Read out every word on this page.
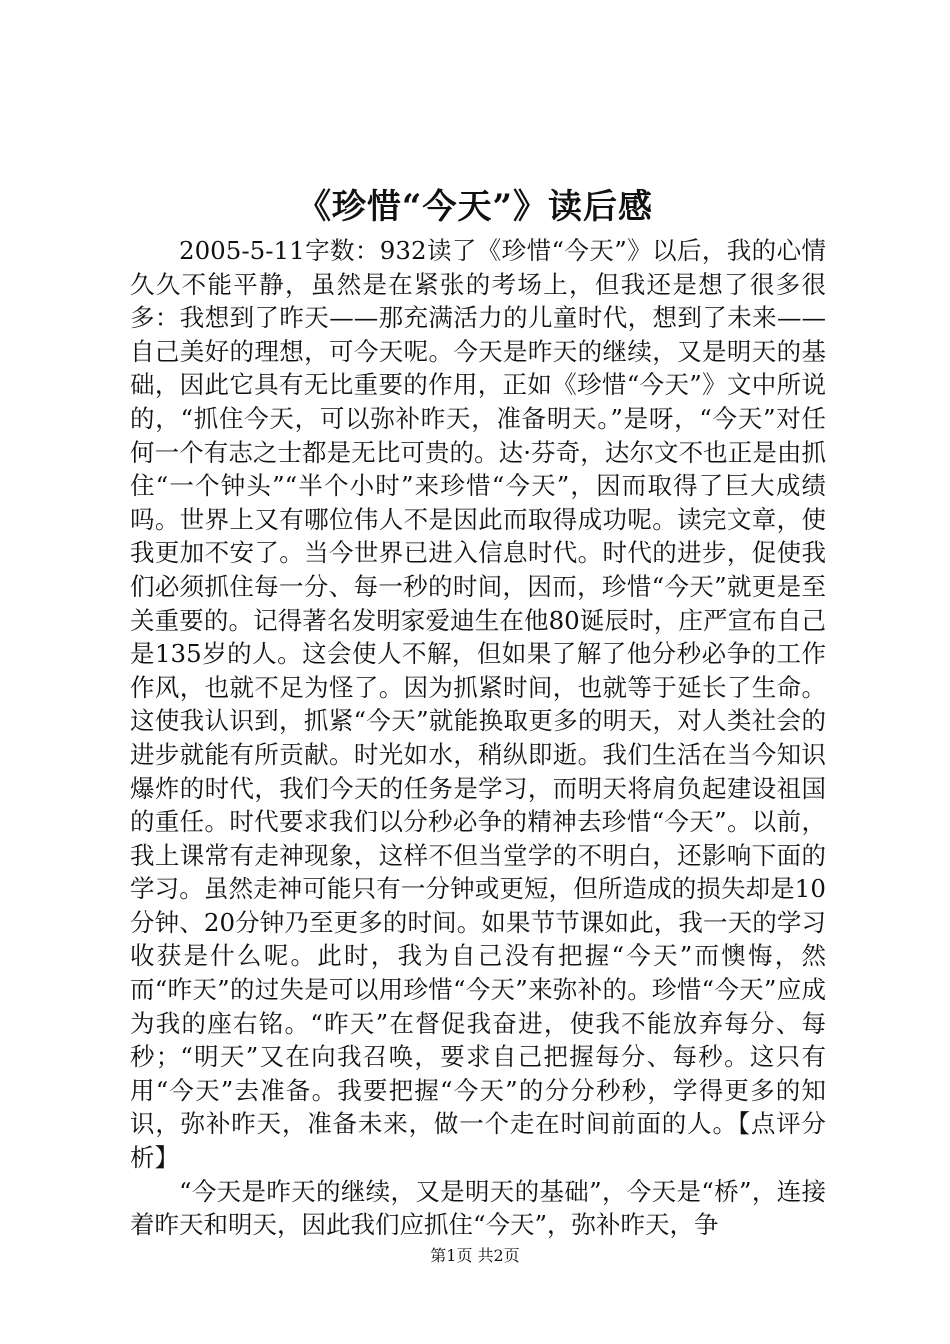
《珍惜“今天”》读后感

2005-5-11字数：932读了《珍惜“今天”》以后，我的心情久久不能平静，虽然是在紧张的考场上，但我还是想了很多很多：我想到了昨天——那充满活力的儿童时代，想到了未来——自己美好的理想，可今天呢。今天是昨天的继续，又是明天的基础，因此它具有无比重要的作用，正如《珍惜“今天”》文中所说的，“抓住今天，可以弥补昨天，准备明天。”是呀，“今天”对任何一个有志之士都是无比可贵的。达·芬奇，达尔文不也正是由抓住“一个钟头”“半个小时”来珍惜“今天”，因而取得了巨大成绩吗。世界上又有哪位伟人不是因此而取得成功呢。读完文章，使我更加不安了。当今世界已进入信息时代。时代的进步，促使我们必须抓住每一分、每一秒的时间，因而，珍惜“今天”就更是至关重要的。记得著名发明家爱迪生在他80诞辰时，庄严宣布自己是135岁的人。这会使人不解，但如果了解了他分秒必争的工作作风，也就不足为怪了。因为抓紧时间，也就等于延长了生命。这使我认识到，抓紧“今天”就能换取更多的明天，对人类社会的进步就能有所贡献。时光如水，稍纵即逝。我们生活在当今知识爆炸的时代，我们今天的任务是学习，而明天将肩负起建设祖国的重任。时代要求我们以分秒必争的精神去珍惜“今天”。以前，我上课常有走神现象，这样不但当堂学的不明白，还影响下面的学习。虽然走神可能只有一分钟或更短，但所造成的损失却是10分钟、20分钟乃至更多的时间。如果节节课如此，我一天的学习收获是什么呢。此时，我为自己没有把握“今天”而懊悔，然而“昨天”的过失是可以用珍惜“今天”来弥补的。珍惜“今天”应成为我的座右铭。“昨天”在督促我奋进，使我不能放弃每分、每秒；“明天”又在向我召唤，要求自己把握每分、每秒。这只有用“今天”去准备。我要把握“今天”的分分秒秒，学得更多的知识，弥补昨天，准备未来，做一个走在时间前面的人。【点评分析】

“今天是昨天的继续，又是明天的基础”，今天是“桥”，连接着昨天和明天，因此我们应抓住“今天”，弥补昨天，争

第1页 共2页
